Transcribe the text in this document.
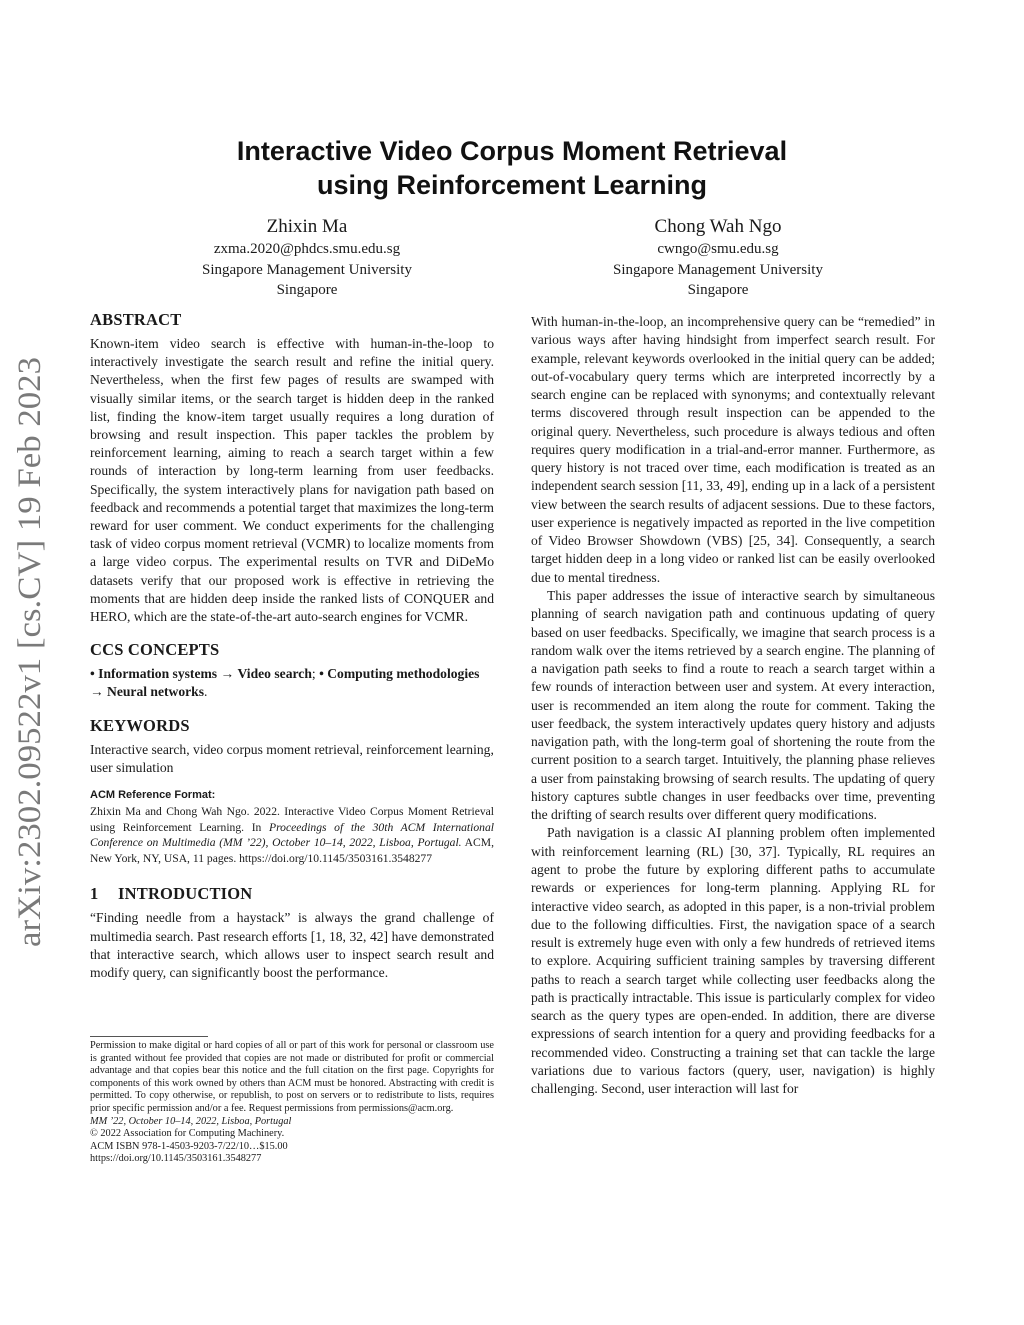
arXiv:2302.09522v1 [cs.CV] 19 Feb 2023
Interactive Video Corpus Moment Retrieval
using Reinforcement Learning
Zhixin Ma
zxma.2020@phdcs.smu.edu.sg
Singapore Management University
Singapore
Chong Wah Ngo
cwngo@smu.edu.sg
Singapore Management University
Singapore
ABSTRACT

Known-item video search is effective with human-in-the-loop to interactively investigate the search result and refine the initial query. Nevertheless, when the first few pages of results are swamped with visually similar items, or the search target is hidden deep in the ranked list, finding the know-item target usually requires a long duration of browsing and result inspection. This paper tackles the problem by reinforcement learning, aiming to reach a search target within a few rounds of interaction by long-term learning from user feedbacks. Specifically, the system interactively plans for navigation path based on feedback and recommends a potential target that maximizes the long-term reward for user comment. We conduct experiments for the challenging task of video corpus moment retrieval (VCMR) to localize moments from a large video corpus. The experimental results on TVR and DiDeMo datasets verify that our proposed work is effective in retrieving the moments that are hidden deep inside the ranked lists of CONQUER and HERO, which are the state-of-the-art auto-search engines for VCMR.

CCS CONCEPTS

• Information systems → Video search; • Computing methodologies → Neural networks.

KEYWORDS

Interactive search, video corpus moment retrieval, reinforcement learning, user simulation

ACM Reference Format:

Zhixin Ma and Chong Wah Ngo. 2022. Interactive Video Corpus Moment Retrieval using Reinforcement Learning. In Proceedings of the 30th ACM International Conference on Multimedia (MM ’22), October 10–14, 2022, Lisboa, Portugal. ACM, New York, NY, USA, 11 pages. https://doi.org/10.1145/3503161.3548277

1 INTRODUCTION

“Finding needle from a haystack” is always the grand challenge of multimedia search. Past research efforts [1, 18, 32, 42] have demonstrated that interactive search, which allows user to inspect search result and modify query, can significantly boost the performance.

Permission to make digital or hard copies of all or part of this work for personal or classroom use is granted without fee provided that copies are not made or distributed for profit or commercial advantage and that copies bear this notice and the full citation on the first page. Copyrights for components of this work owned by others than ACM must be honored. Abstracting with credit is permitted. To copy otherwise, or republish, to post on servers or to redistribute to lists, requires prior specific permission and/or a fee. Request permissions from permissions@acm.org.

MM ’22, October 10–14, 2022, Lisboa, Portugal

© 2022 Association for Computing Machinery.

ACM ISBN 978-1-4503-9203-7/22/10…$15.00

https://doi.org/10.1145/3503161.3548277

With human-in-the-loop, an incomprehensive query can be “remedied” in various ways after having hindsight from imperfect search result. For example, relevant keywords overlooked in the initial query can be added; out-of-vocabulary query terms which are interpreted incorrectly by a search engine can be replaced with synonyms; and contextually relevant terms discovered through result inspection can be appended to the original query. Nevertheless, such procedure is always tedious and often requires query modification in a trial-and-error manner. Furthermore, as query history is not traced over time, each modification is treated as an independent search session [11, 33, 49], ending up in a lack of a persistent view between the search results of adjacent sessions. Due to these factors, user experience is negatively impacted as reported in the live competition of Video Browser Showdown (VBS) [25, 34]. Consequently, a search target hidden deep in a long video or ranked list can be easily overlooked due to mental tiredness.

This paper addresses the issue of interactive search by simultaneous planning of search navigation path and continuous updating of query based on user feedbacks. Specifically, we imagine that search process is a random walk over the items retrieved by a search engine. The planning of a navigation path seeks to find a route to reach a search target within a few rounds of interaction between user and system. At every interaction, user is recommended an item along the route for comment. Taking the user feedback, the system interactively updates query history and adjusts navigation path, with the long-term goal of shortening the route from the current position to a search target. Intuitively, the planning phase relieves a user from painstaking browsing of search results. The updating of query history captures subtle changes in user feedbacks over time, preventing the drifting of search results over different query modifications.

Path navigation is a classic AI planning problem often implemented with reinforcement learning (RL) [30, 37]. Typically, RL requires an agent to probe the future by exploring different paths to accumulate rewards or experiences for long-term planning. Applying RL for interactive video search, as adopted in this paper, is a non-trivial problem due to the following difficulties. First, the navigation space of a search result is extremely huge even with only a few hundreds of retrieved items to explore. Acquiring sufficient training samples by traversing different paths to reach a search target while collecting user feedbacks along the path is practically intractable. This issue is particularly complex for video search as the query types are open-ended. In addition, there are diverse expressions of search intention for a query and providing feedbacks for a recommended video. Constructing a training set that can tackle the large variations due to various factors (query, user, navigation) is highly challenging. Second, user interaction will last for
